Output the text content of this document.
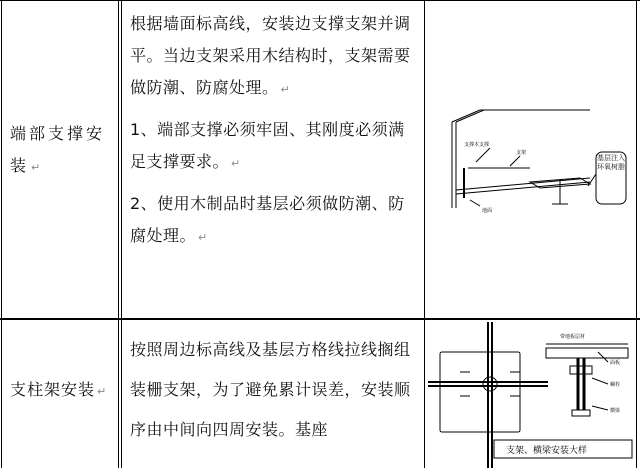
端部支撑安装 ↵
根据墙面标高线，安装边支撑支架并调平。当边支架采用木结构时，支架需要做防潮、防腐处理。 ↵
1、端部支撑必须牢固、其刚度必须满足支撑要求。 ↵
2、使用木制品时基层必须做防潮、防腐处理。 ↵
支撑木支撑
支架
地面
基层注入环氧树脂
支柱架安装 ↵
按照周边标高线及基层方格线拉线搁组装栅支架，为了避免累计误差，安装顺序由中间向四周安装。基座
带地板层材
面板
螺栓
横梁
支架、横梁安装大样
